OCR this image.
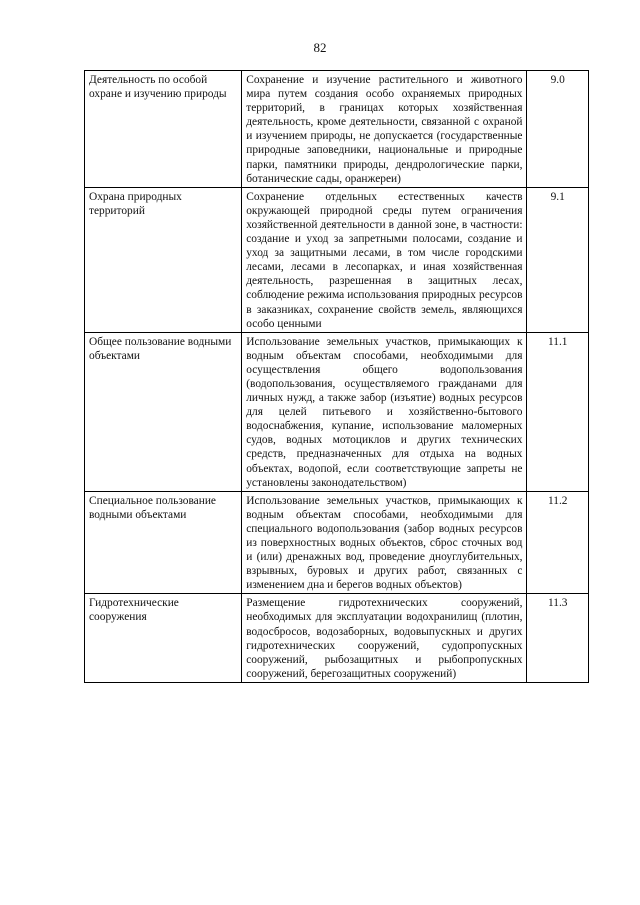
82
Деятельность по особой охране и изучению природы	Сохранение и изучение растительного и животного мира путем создания особо охраняемых природных территорий, в границах которых хозяйственная деятельность, кроме деятельности, связанной с охраной и изучением природы, не допускается (государственные природные заповедники, национальные и природные парки, памятники природы, дендрологические парки, ботанические сады, оранжереи)	9.0
Охрана природных территорий	Сохранение отдельных естественных качеств окружающей природной среды путем ограничения хозяйственной деятельности в данной зоне, в частности: создание и уход за запретными полосами, создание и уход за защитными лесами, в том числе городскими лесами, лесами в лесопарках, и иная хозяйственная деятельность, разрешенная в защитных лесах, соблюдение режима использования природных ресурсов в заказниках, сохранение свойств земель, являющихся особо ценными	9.1
Общее пользование водными объектами	Использование земельных участков, примыкающих к водным объектам способами, необходимыми для осуществления общего водопользования (водопользования, осуществляемого гражданами для личных нужд, а также забор (изъятие) водных ресурсов для целей питьевого и хозяйственно-бытового водоснабжения, купание, использование маломерных судов, водных мотоциклов и других технических средств, предназначенных для отдыха на водных объектах, водопой, если соответствующие запреты не установлены законодательством)	11.1
Специальное пользование водными объектами	Использование земельных участков, примыкающих к водным объектам способами, необходимыми для специального водопользования (забор водных ресурсов из поверхностных водных объектов, сброс сточных вод и (или) дренажных вод, проведение дноуглубительных, взрывных, буровых и других работ, связанных с изменением дна и берегов водных объектов)	11.2
Гидротехнические сооружения	Размещение гидротехнических сооружений, необходимых для эксплуатации водохранилищ (плотин, водосбросов, водозаборных, водовыпускных и других гидротехнических сооружений, судопропускных сооружений, рыбозащитных и рыбопропускных сооружений, берегозащитных сооружений)	11.3
